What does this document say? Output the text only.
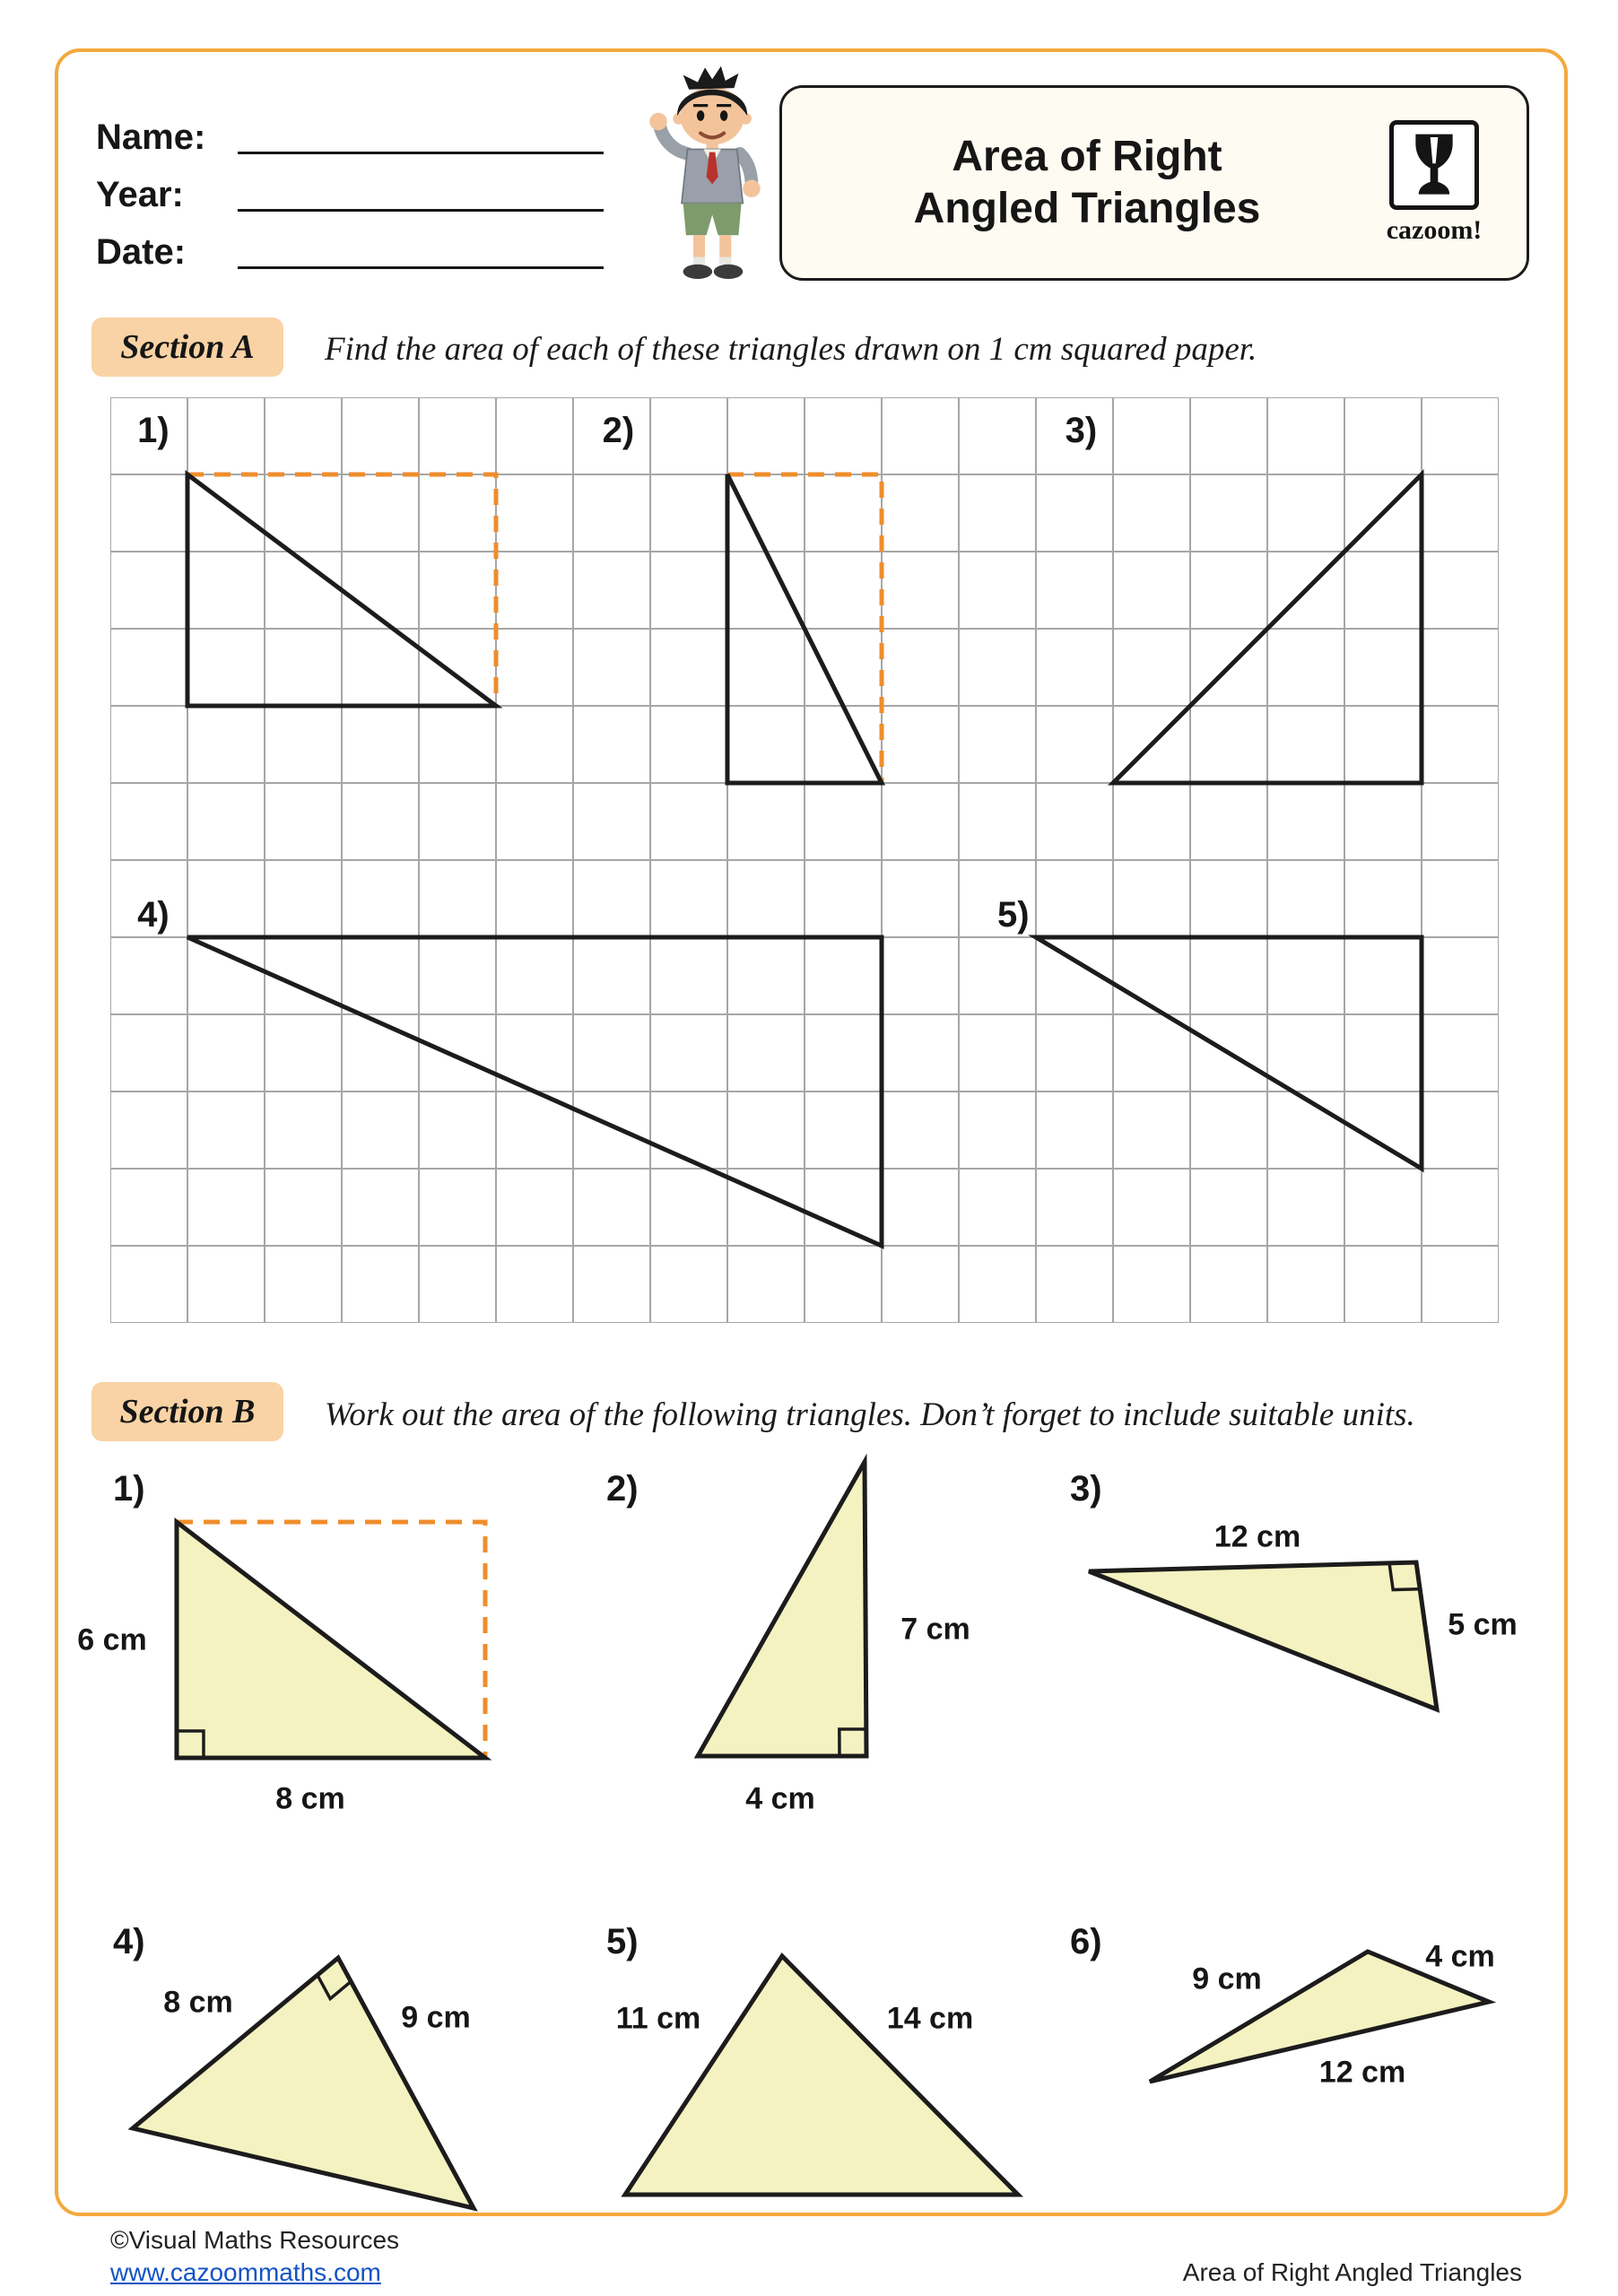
Name:
Year:
Date:
Area of Right
Angled Triangles	cazoom!
Section A	Find the area of each of these triangles drawn on 1 cm squared paper.
1)	2)	3)
4)	5)
Section B	Work out the area of the following triangles. Don’t forget to include suitable units.
1)
6 cm
8 cm
2)
7 cm
4 cm
3)
12 cm
5 cm
4)
8 cm	9 cm
5)
11 cm	14 cm
6)
9 cm
4 cm
12 cm
©Visual Maths Resources
www.cazoommaths.com	Area of Right Angled Triangles
